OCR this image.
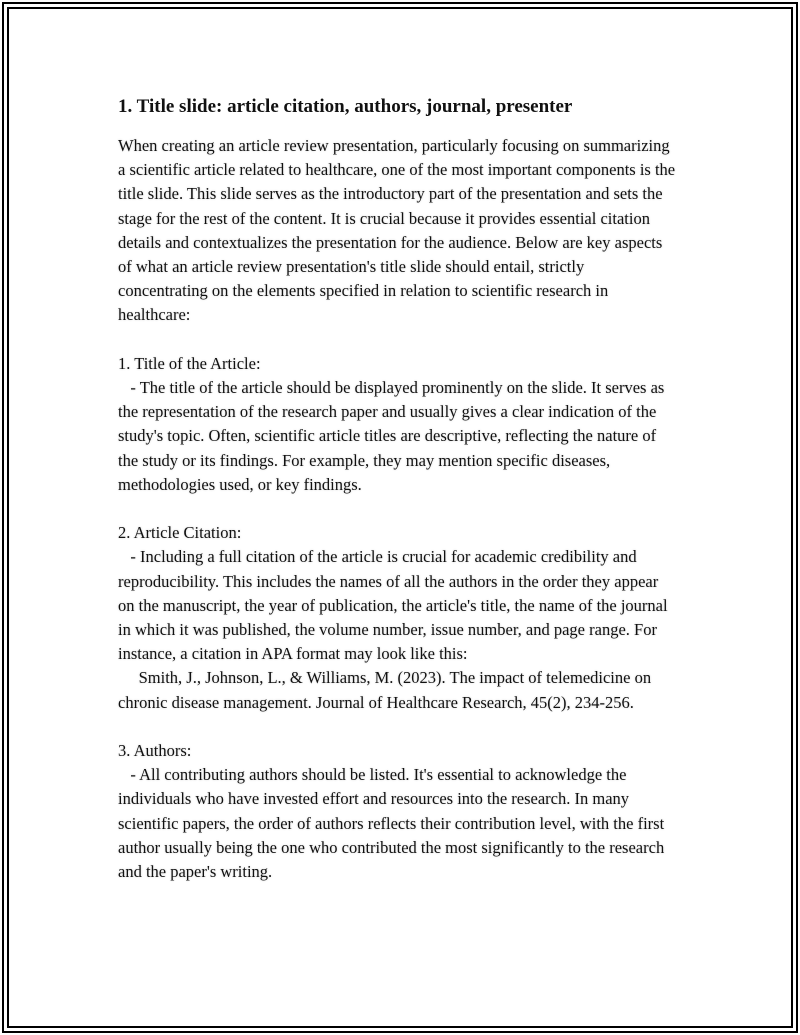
1. Title slide: article citation, authors, journal, presenter

When creating an article review presentation, particularly focusing on summarizing a scientific article related to healthcare, one of the most important components is the title slide. This slide serves as the introductory part of the presentation and sets the stage for the rest of the content. It is crucial because it provides essential citation details and contextualizes the presentation for the audience. Below are key aspects of what an article review presentation's title slide should entail, strictly concentrating on the elements specified in relation to scientific research in healthcare:

1. Title of the Article:

- The title of the article should be displayed prominently on the slide. It serves as the representation of the research paper and usually gives a clear indication of the study's topic. Often, scientific article titles are descriptive, reflecting the nature of the study or its findings. For example, they may mention specific diseases, methodologies used, or key findings.

2. Article Citation:

- Including a full citation of the article is crucial for academic credibility and reproducibility. This includes the names of all the authors in the order they appear on the manuscript, the year of publication, the article's title, the name of the journal in which it was published, the volume number, issue number, and page range. For instance, a citation in APA format may look like this:
Smith, J., Johnson, L., & Williams, M. (2023). The impact of telemedicine on chronic disease management. Journal of Healthcare Research, 45(2), 234-256.

3. Authors:

- All contributing authors should be listed. It's essential to acknowledge the individuals who have invested effort and resources into the research. In many scientific papers, the order of authors reflects their contribution level, with the first author usually being the one who contributed the most significantly to the research and the paper's writing.
